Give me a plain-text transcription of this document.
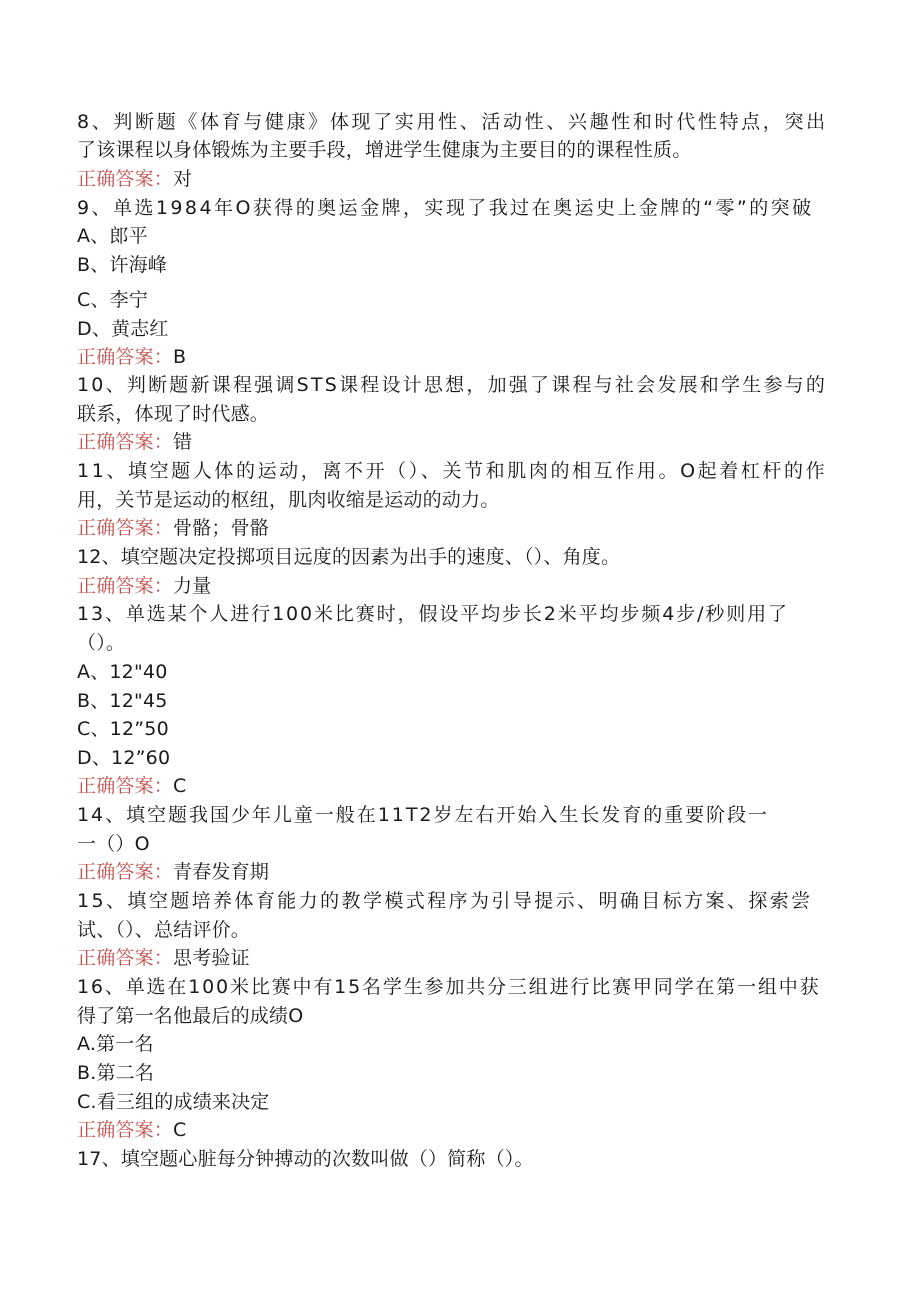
8、判断题《体育与健康》体现了实用性、活动性、兴趣性和时代性特点，突出
了该课程以身体锻炼为主要手段，增进学生健康为主要目的的课程性质。
正确答案：对
9、单选1984年O获得的奥运金牌，实现了我过在奥运史上金牌的“零”的突破
A、郎平
B、许海峰
C、李宁
D、黄志红
正确答案：B
10、判断题新课程强调STS课程设计思想，加强了课程与社会发展和学生参与的
联系，体现了时代感。
正确答案：错
11、填空题人体的运动，离不开（）、关节和肌肉的相互作用。O起着杠杆的作
用，关节是运动的枢纽，肌肉收缩是运动的动力。
正确答案：骨骼；骨骼
12、填空题决定投掷项目远度的因素为出手的速度、（）、角度。
正确答案：力量
13、单选某个人进行100米比赛时，假设平均步长2米平均步频4步/秒则用了
（）。
A、12"40
B、12"45
C、12”50
D、12”60
正确答案：C
14、填空题我国少年儿童一般在11T2岁左右开始入生长发育的重要阶段一
一（）O
正确答案：青春发育期
15、填空题培养体育能力的教学模式程序为引导提示、明确目标方案、探索尝
试、（）、总结评价。
正确答案：思考验证
16、单选在100米比赛中有15名学生参加共分三组进行比赛甲同学在第一组中获
得了第一名他最后的成绩O
A.第一名
B.第二名
C.看三组的成绩来决定
正确答案：C
17、填空题心脏每分钟搏动的次数叫做（）简称（）。
